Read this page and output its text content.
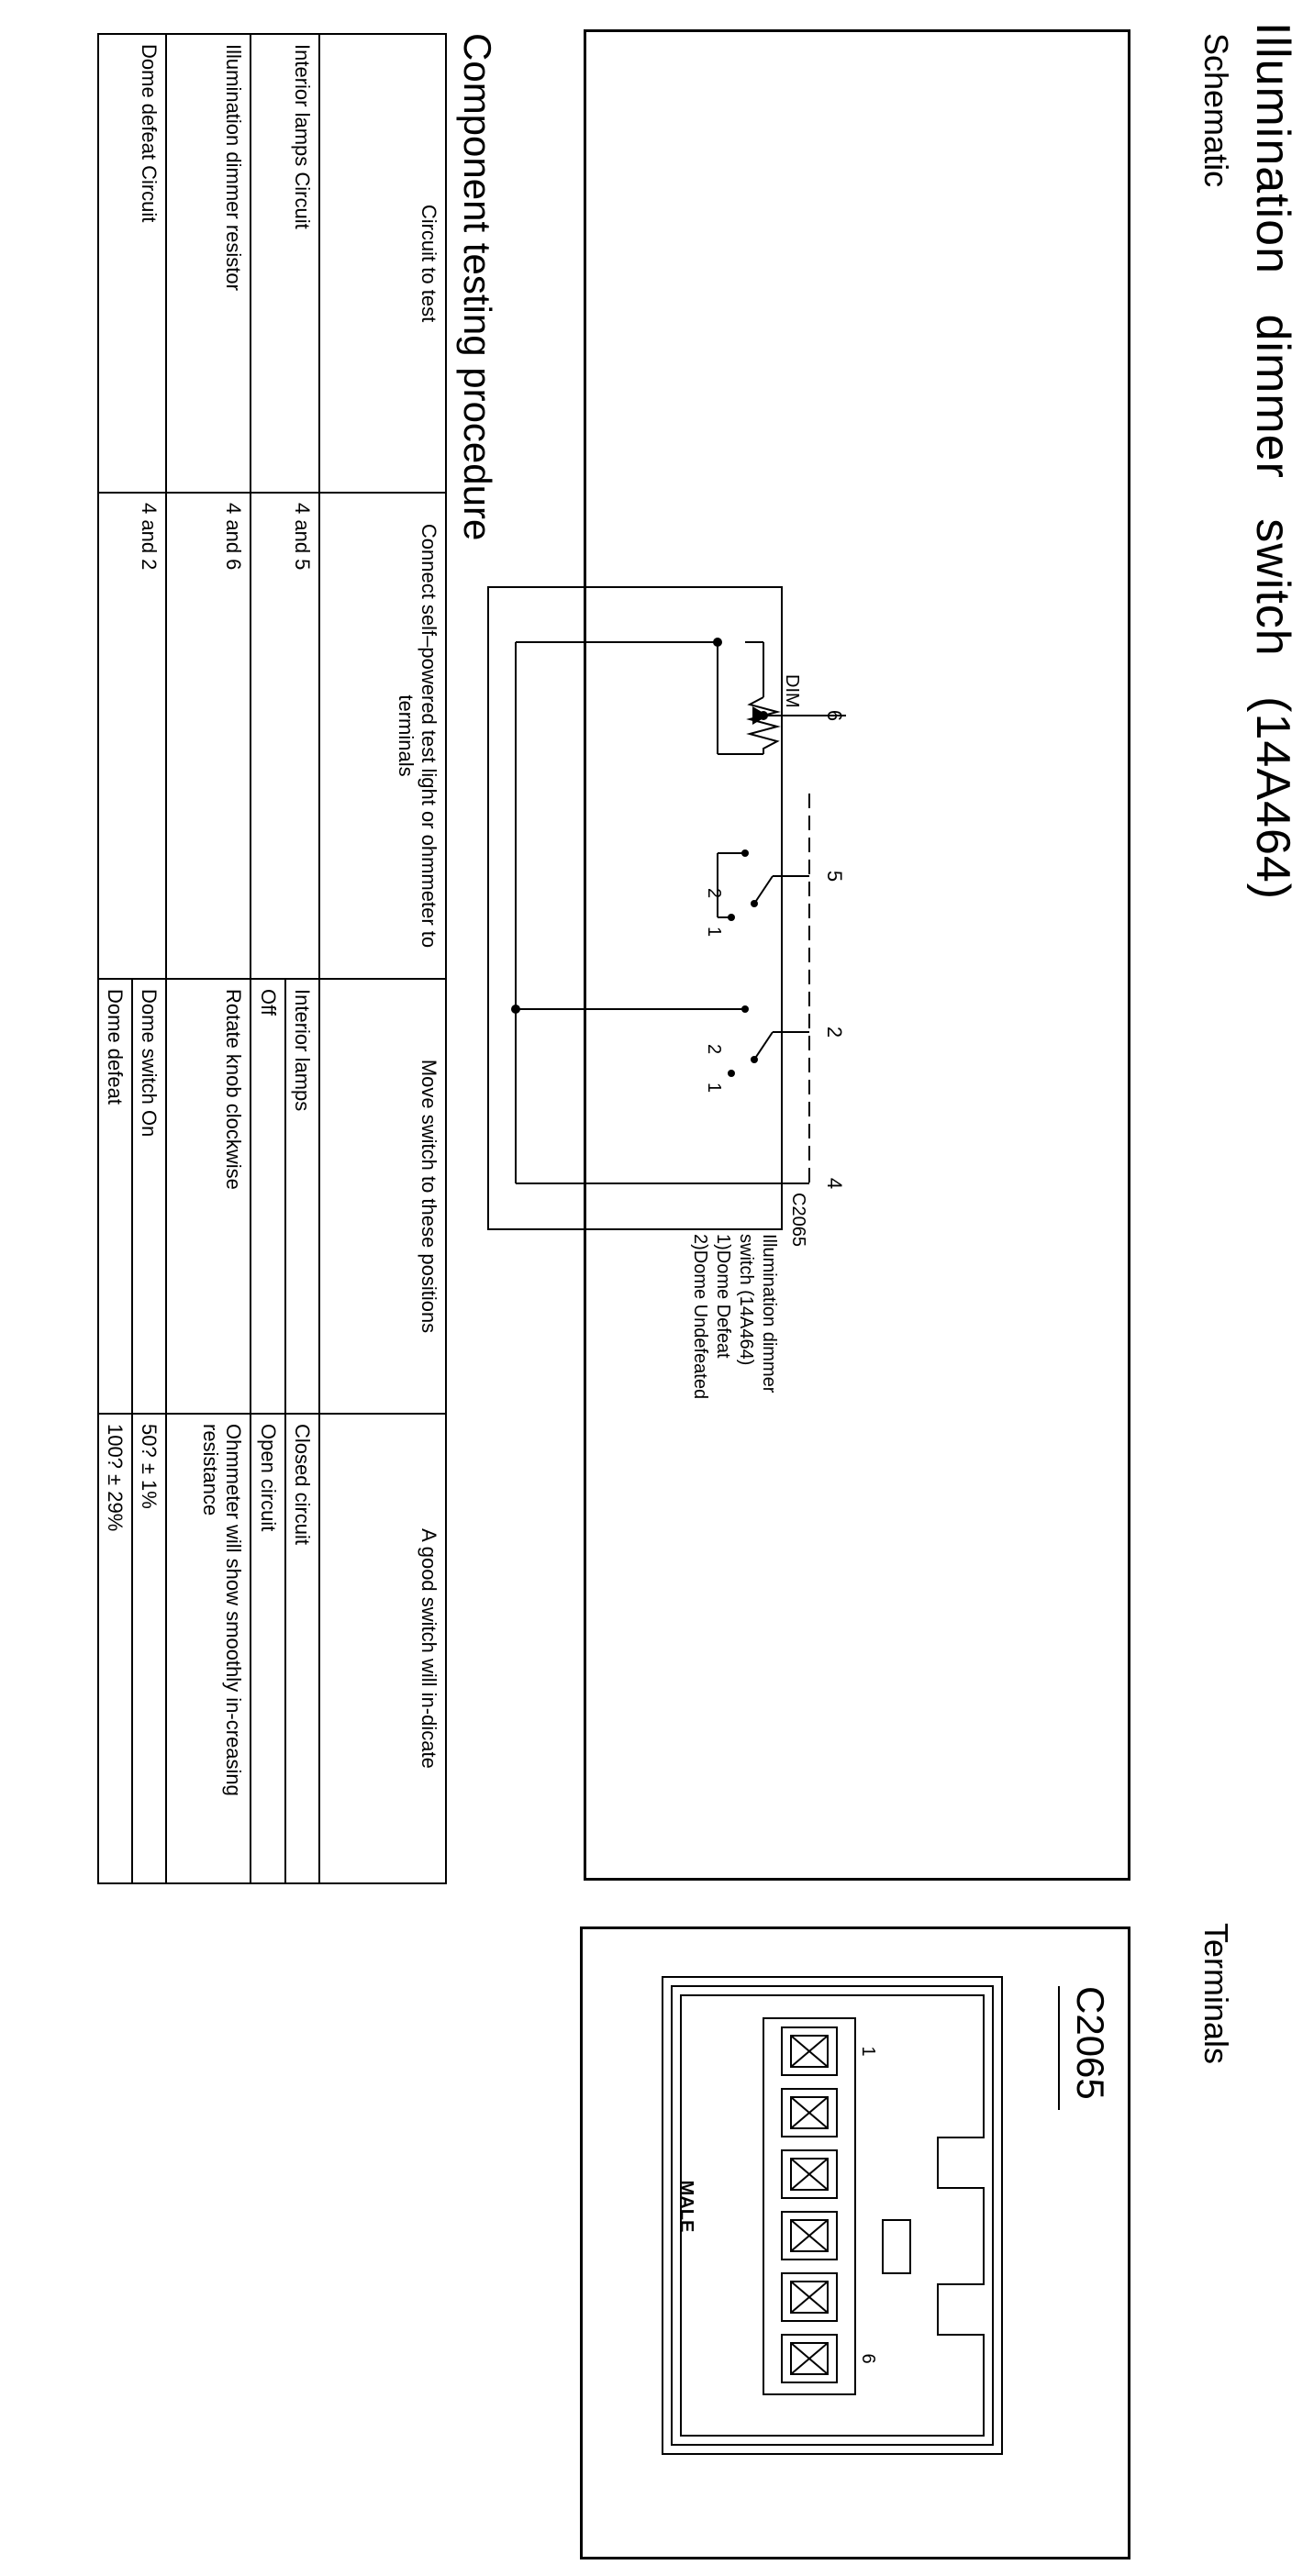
Illumination dimmer switch (14A464)
Schematic
Terminals
6
5
2
4
DIM
2
1
2
1
C2065
Illumination dimmer
switch (14A464)
1)Dome Defeat
2)Dome Undefeated
C2065
1
6
MALE
Component testing procedure
Circuit to test	Connect self–powered test light or ohmmeter to terminals	Move switch to these positions	A good switch will in-dicate
Interior lamps Circuit	4 and 5	Interior lamps	Closed circuit
		Off	Open circuit
Illumination dimmer resistor	4 and 6	Rotate knob clockwise	Ohmmeter will show smoothly in-creasing resistance
Dome defeat Circuit	4 and 2	Dome switch On	50? ± 1%
		Dome defeat	100? ± 29%
